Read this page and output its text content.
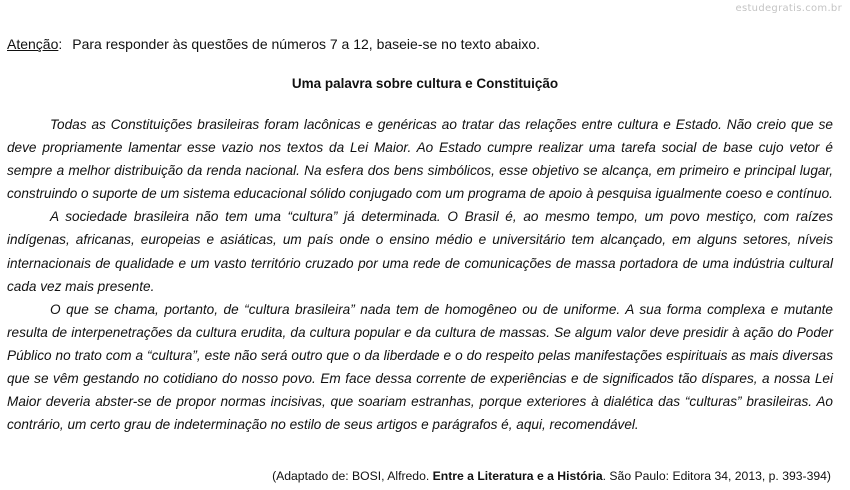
estudegratis.com.br
Atenção: Para responder às questões de números 7 a 12, baseie-se no texto abaixo.
Uma palavra sobre cultura e Constituição

Todas as Constituições brasileiras foram lacônicas e genéricas ao tratar das relações entre cultura e Estado. Não creio que se deve propriamente lamentar esse vazio nos textos da Lei Maior. Ao Estado cumpre realizar uma tarefa social de base cujo vetor é sempre a melhor distribuição da renda nacional. Na esfera dos bens simbólicos, esse objetivo se alcança, em primeiro e principal lugar, construindo o suporte de um sistema educacional sólido conjugado com um programa de apoio à pesquisa igualmente coeso e contínuo.

A sociedade brasileira não tem uma “cultura” já determinada. O Brasil é, ao mesmo tempo, um povo mestiço, com raízes indígenas, africanas, europeias e asiáticas, um país onde o ensino médio e universitário tem alcançado, em alguns setores, níveis internacionais de qualidade e um vasto território cruzado por uma rede de comunicações de massa portadora de uma indústria cultural cada vez mais presente.

O que se chama, portanto, de “cultura brasileira” nada tem de homogêneo ou de uniforme. A sua forma complexa e mutante resulta de interpenetrações da cultura erudita, da cultura popular e da cultura de massas. Se algum valor deve presidir à ação do Poder Público no trato com a “cultura”, este não será outro que o da liberdade e o do respeito pelas manifestações espirituais as mais diversas que se vêm gestando no cotidiano do nosso povo. Em face dessa corrente de experiências e de significados tão díspares, a nossa Lei Maior deveria abster-se de propor normas incisivas, que soariam estranhas, porque exteriores à dialética das “culturas” brasileiras. Ao contrário, um certo grau de indeterminação no estilo de seus artigos e parágrafos é, aqui, recomendável.

(Adaptado de: BOSI, Alfredo. Entre a Literatura e a História. São Paulo: Editora 34, 2013, p. 393-394)
